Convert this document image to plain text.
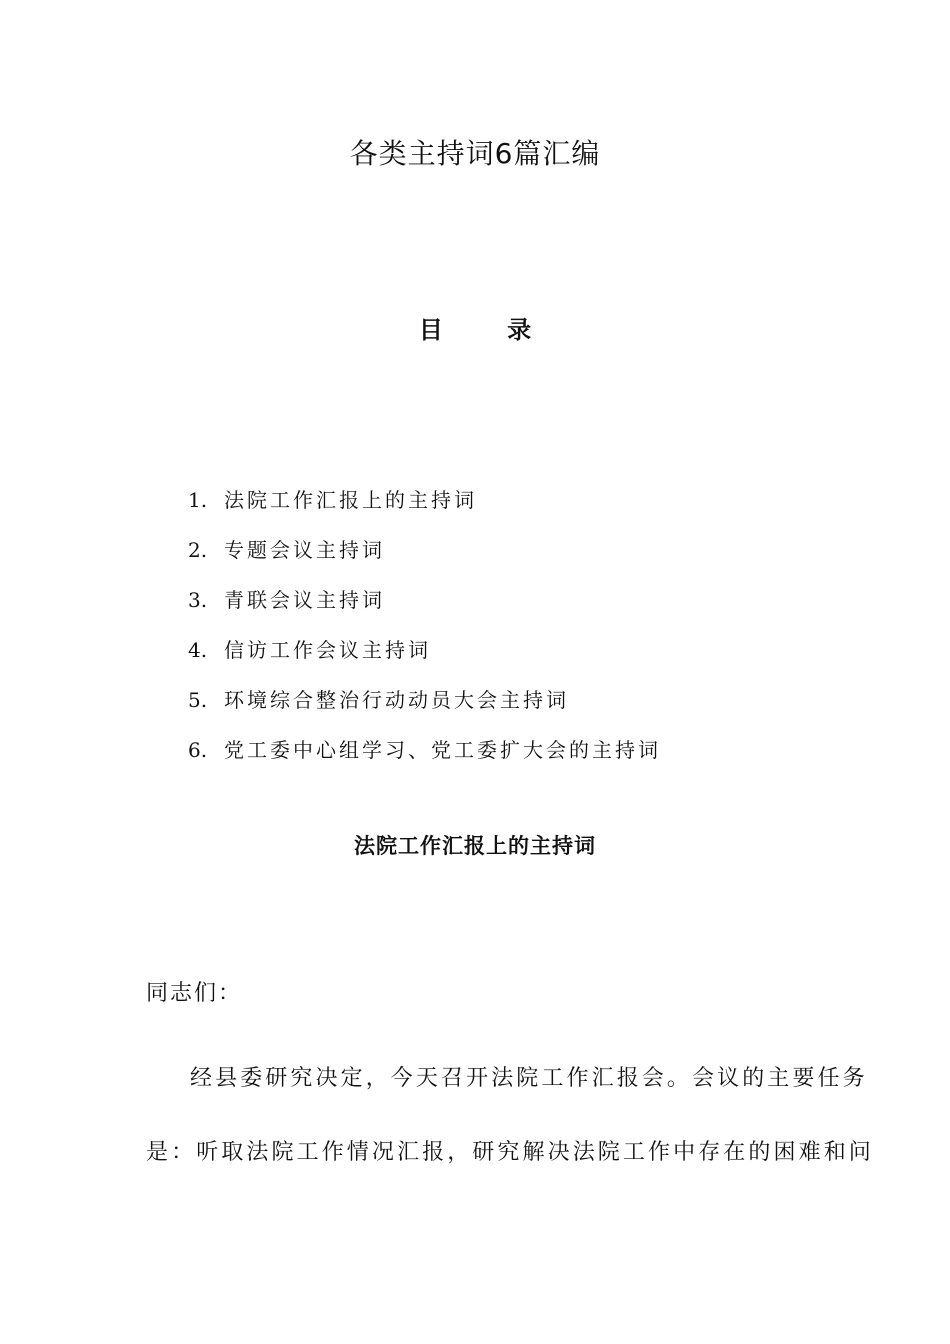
各类主持词6篇汇编
目 录
1. 法院工作汇报上的主持词
2. 专题会议主持词
3. 青联会议主持词
4. 信访工作会议主持词
5. 环境综合整治行动动员大会主持词
6. 党工委中心组学习、党工委扩大会的主持词
法院工作汇报上的主持词
同志们：
经县委研究决定，今天召开法院工作汇报会。会议的主要任务
是：听取法院工作情况汇报，研究解决法院工作中存在的困难和问
